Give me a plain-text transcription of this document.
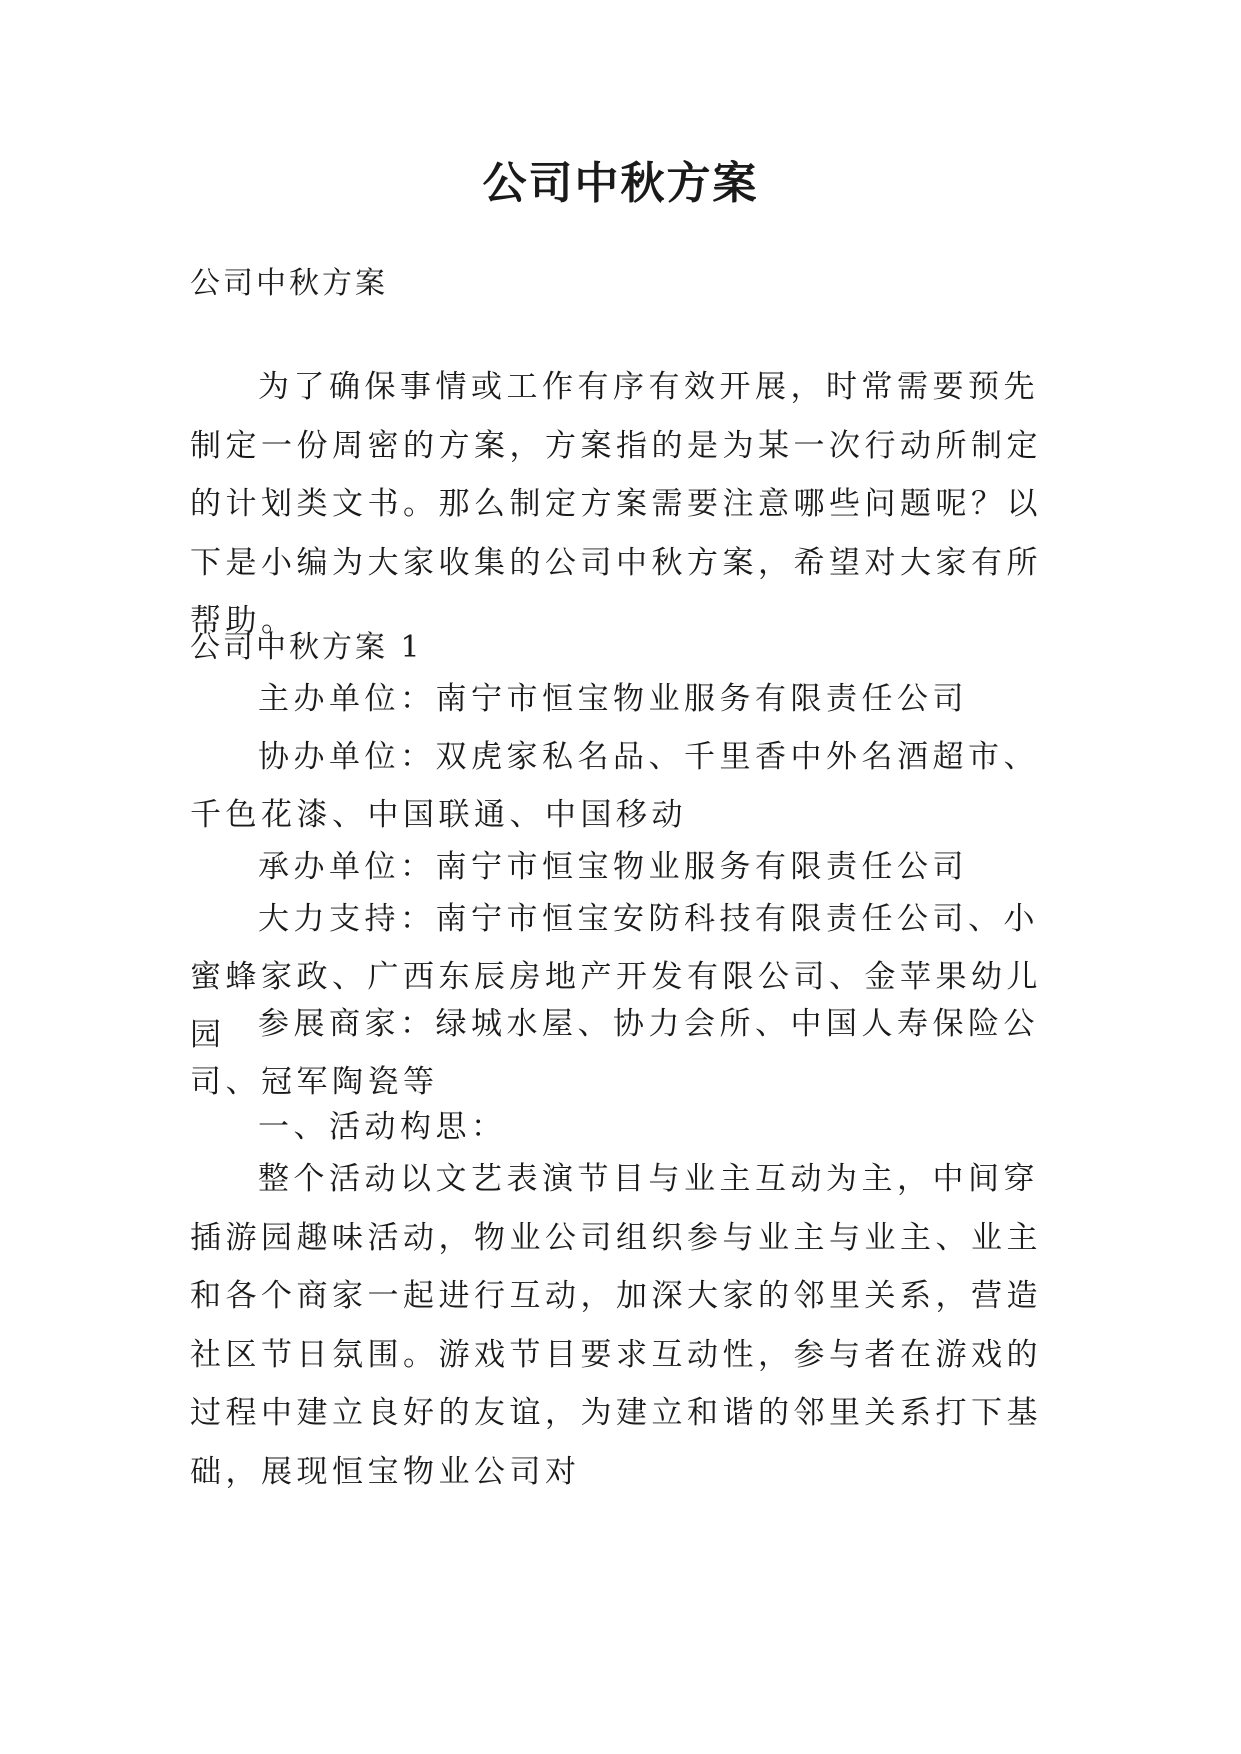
公司中秋方案
公司中秋方案

为了确保事情或工作有序有效开展，时常需要预先制定一份周密的方案，方案指的是为某一次行动所制定的计划类文书。那么制定方案需要注意哪些问题呢？以下是小编为大家收集的公司中秋方案，希望对大家有所帮助。

公司中秋方案 1

主办单位：南宁市恒宝物业服务有限责任公司

协办单位：双虎家私名品、千里香中外名酒超市、千色花漆、中国联通、中国移动

承办单位：南宁市恒宝物业服务有限责任公司

大力支持：南宁市恒宝安防科技有限责任公司、小蜜蜂家政、广西东辰房地产开发有限公司、金苹果幼儿园	参展商家：绿城水屋、协力会所、中国人寿保险公司、冠军陶瓷等

一、活动构思：

整个活动以文艺表演节目与业主互动为主，中间穿插游园趣味活动，物业公司组织参与业主与业主、业主和各个商家一起进行互动，加深大家的邻里关系，营造社区节日氛围。游戏节目要求互动性，参与者在游戏的过程中建立良好的友谊，为建立和谐的邻里关系打下基础，展现恒宝物业公司对
